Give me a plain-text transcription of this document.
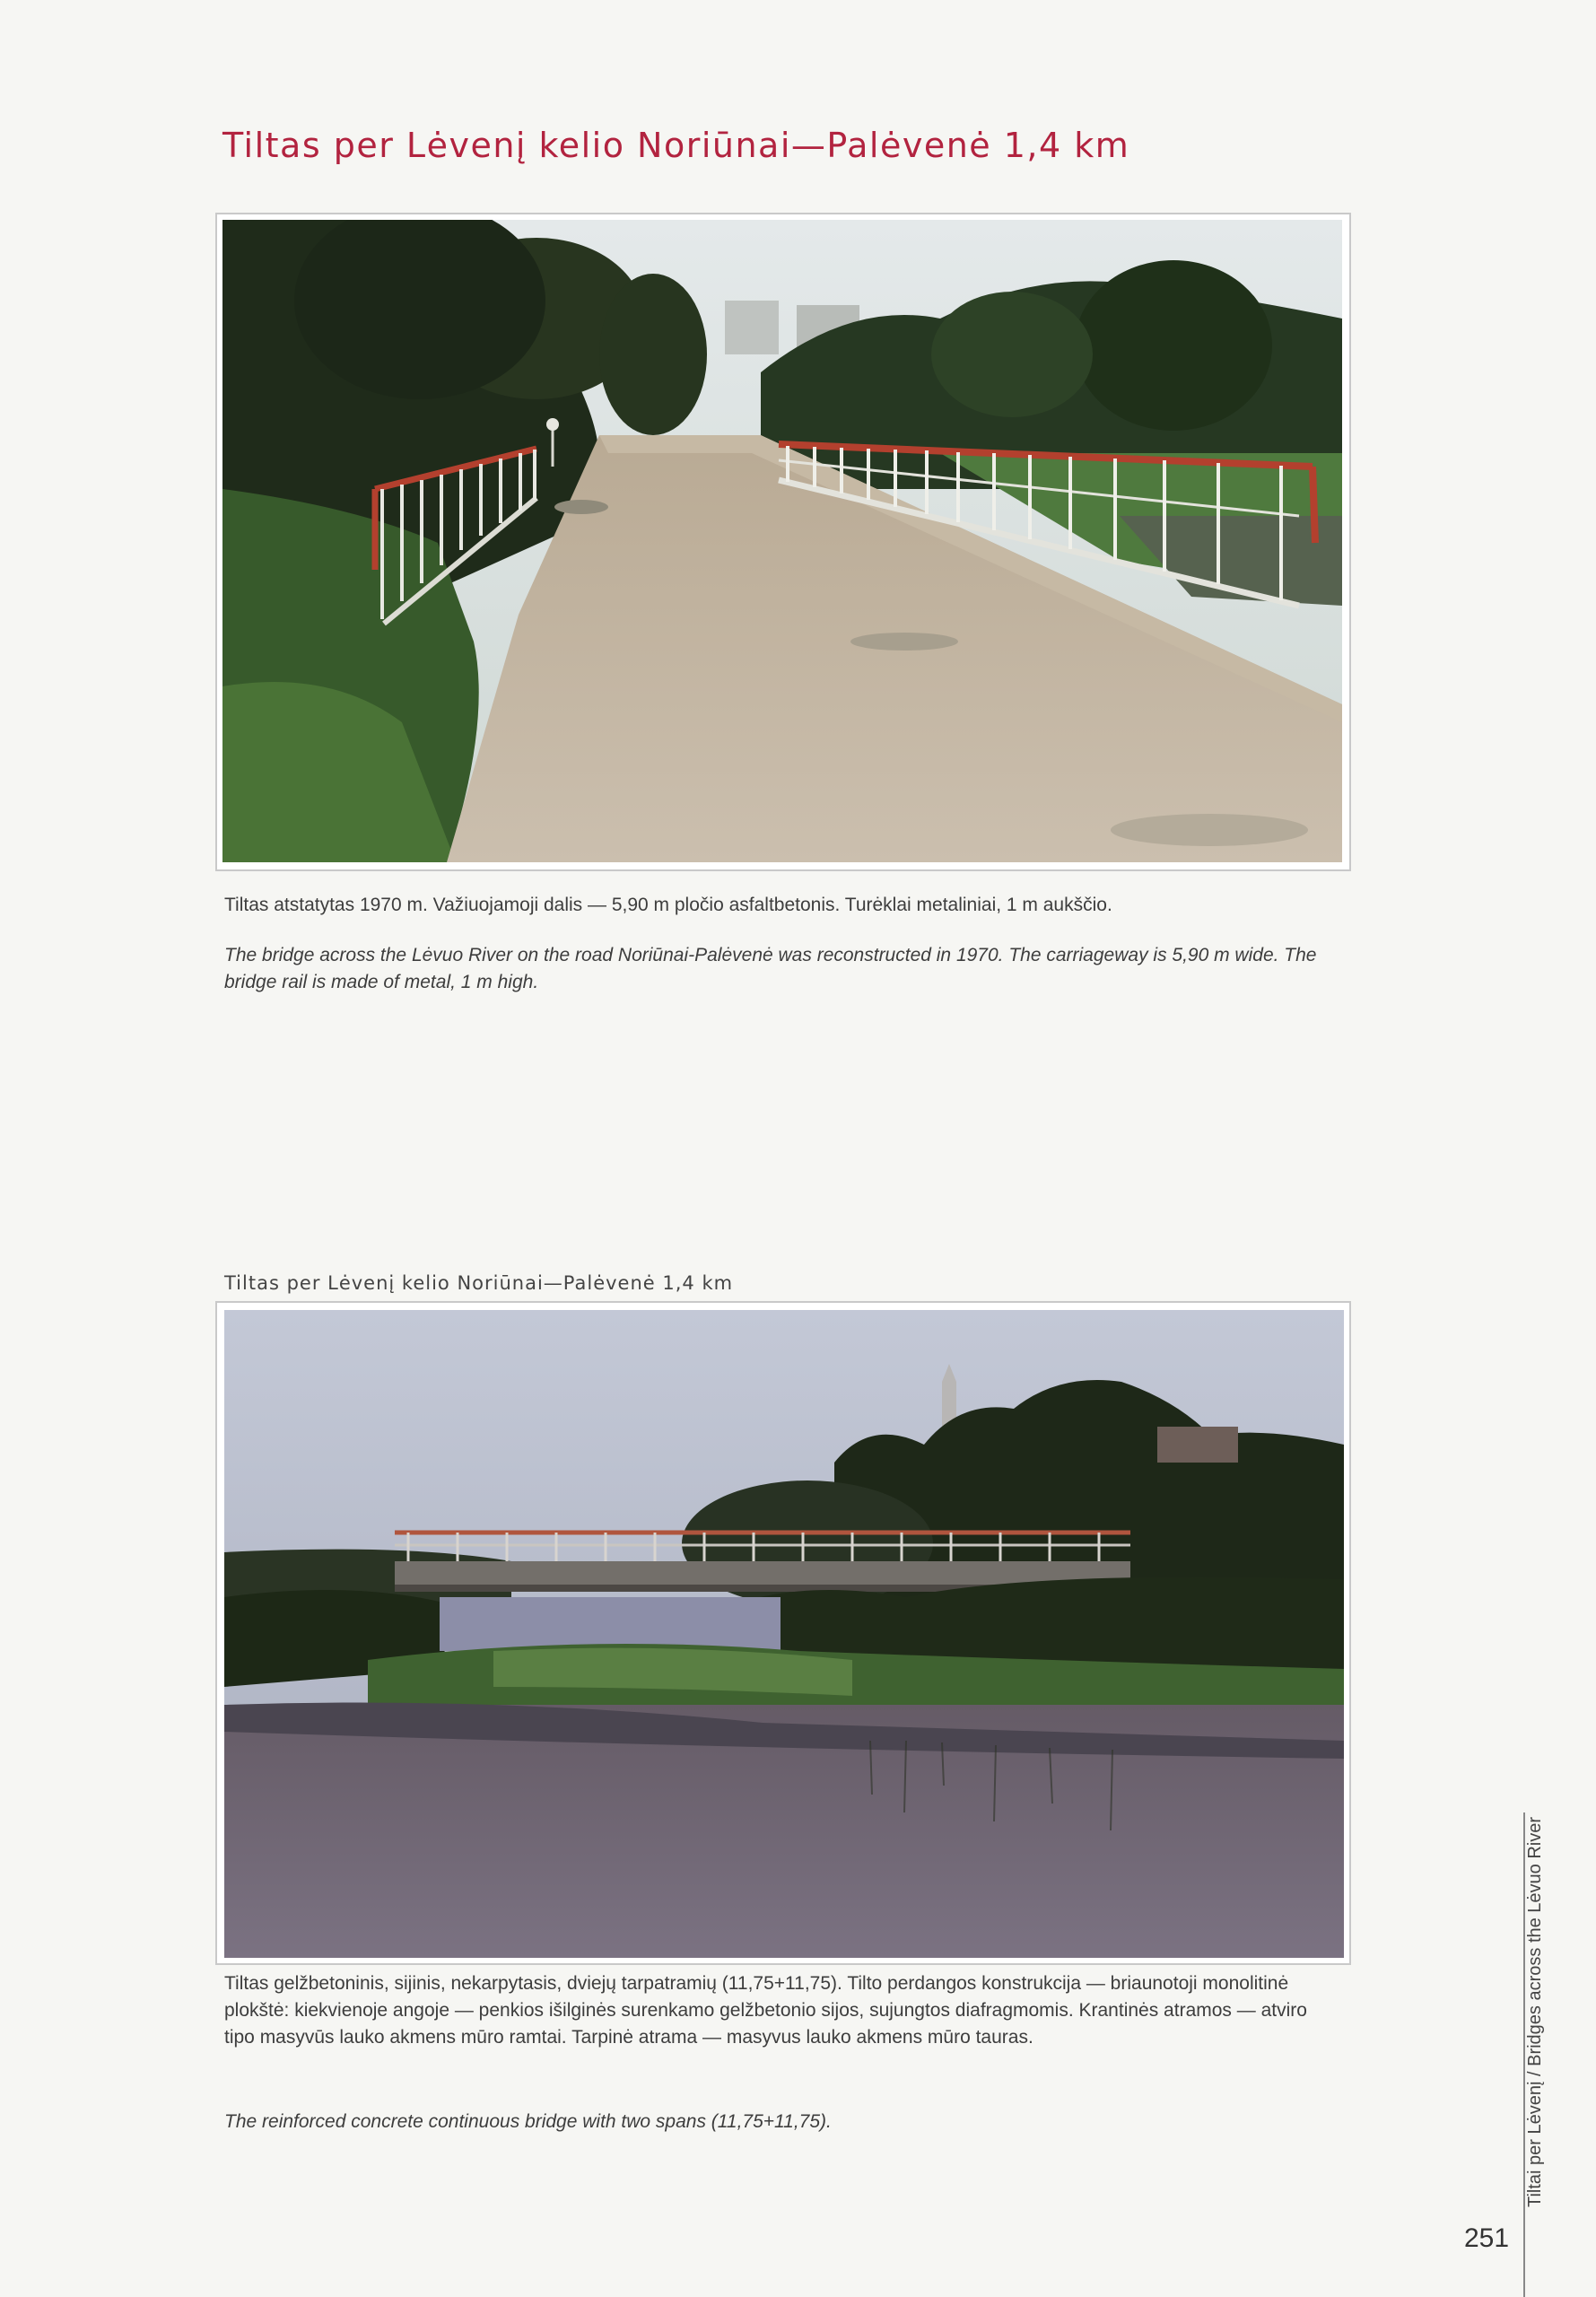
Tiltas per Lėvenį kelio Noriūnai—Palėvenė 1,4 km

Tiltas atstatytas 1970 m. Važiuojamoji dalis — 5,90 m pločio asfaltbetonis. Turėklai metaliniai, 1 m aukščio.

The bridge across the Lėvuo River on the road Noriūnai-Palėvenė was reconstructed in 1970. The carriageway is 5,90 m wide. The bridge rail is made of metal, 1 m high.

Tiltas per Lėvenį kelio Noriūnai—Palėvenė 1,4 km

Tiltas gelžbetoninis, sijinis, nekarpytasis, dviejų tarpatramių (11,75+11,75). Tilto perdangos konstrukcija — briaunotoji monolitinė plokštė: kiekvienoje angoje — penkios išilginės surenkamo gelžbetonio sijos, sujungtos diafragmomis. Krantinės atramos — atviro tipo masyvūs lauko akmens mūro ramtai. Tarpinė atrama — masyvus lauko akmens mūro tauras.

The reinforced concrete continuous bridge with two spans (11,75+11,75).	Tiltai per Lėvenį / Bridges across the Lėvuo River
251
